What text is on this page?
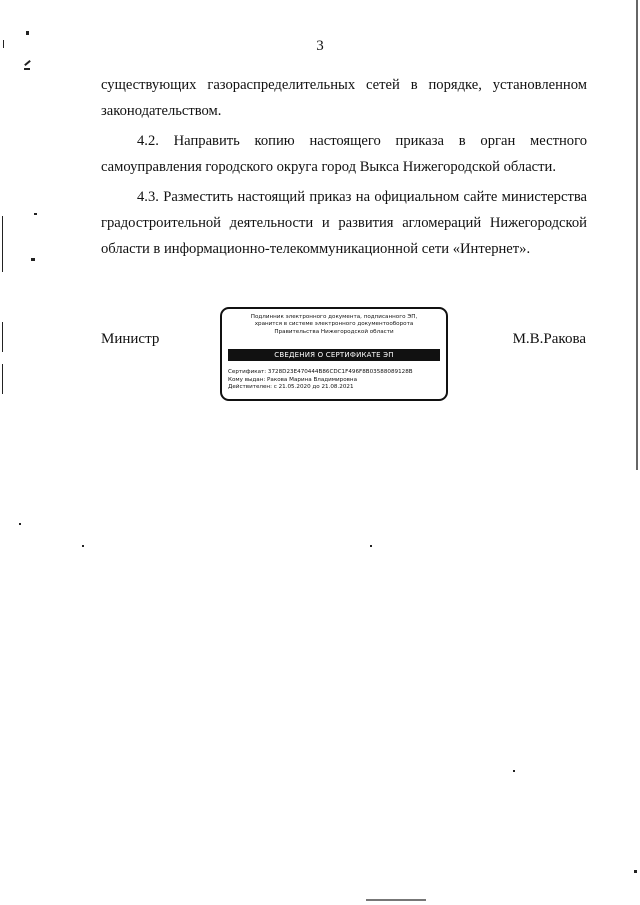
3
существующих газораспределительных сетей в порядке, установленном
законодательством.
4.2. Направить копию настоящего приказа в орган местного
самоуправления городского округа город Выкса Нижегородской области.
4.3. Разместить настоящий приказ на официальном сайте министерства
градостроительной деятельности и развития агломераций Нижегородской
области в информационно-телекоммуникационной сети «Интернет».
Министр	М.В.Ракова
Подлинник электронного документа, подписанного ЭП,
хранится в системе электронного документооборота
Правительства Нижегородской области
СВЕДЕНИЯ О СЕРТИФИКАТЕ ЭП
Сертификат: 3728D23E470444B86CDC1F496F8B03588089128B
Кому выдан: Ракова Марина Владимировна
Действителен: с 21.05.2020 до 21.08.2021
